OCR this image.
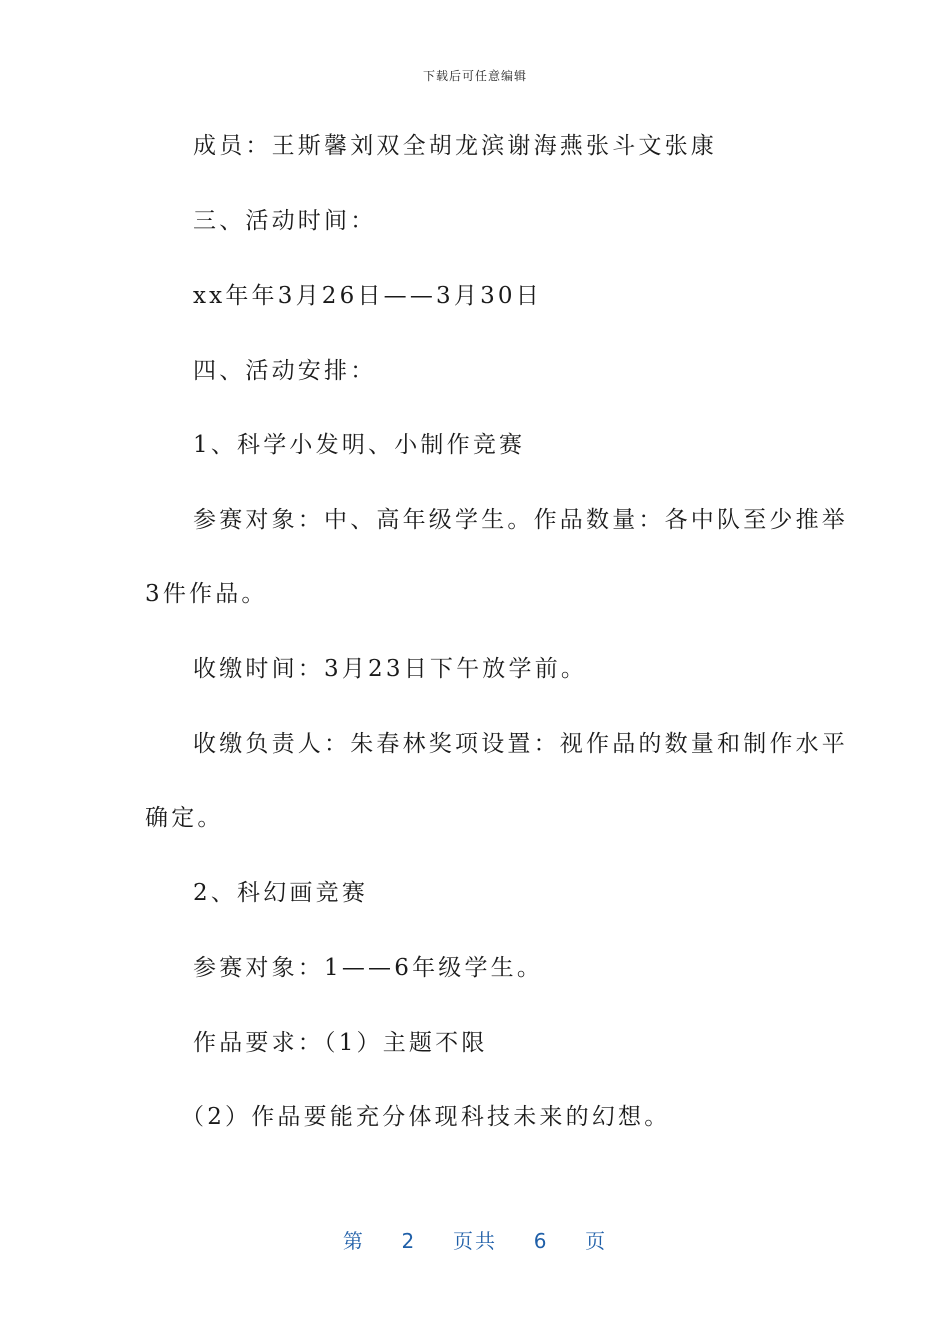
下载后可任意编辑
成员：王斯馨刘双全胡龙滨谢海燕张斗文张康
三、活动时间：
xx年年3月26日——3月30日
四、活动安排：
1、科学小发明、小制作竞赛
参赛对象：中、高年级学生。作品数量：各中队至少推举
3件作品。
收缴时间：3月23日下午放学前。
收缴负责人：朱春林奖项设置：视作品的数量和制作水平
确定。
2、科幻画竞赛
参赛对象：1——6年级学生。
作品要求：（1）主题不限
（2）作品要能充分体现科技未来的幻想。
第 2 页共 6 页
